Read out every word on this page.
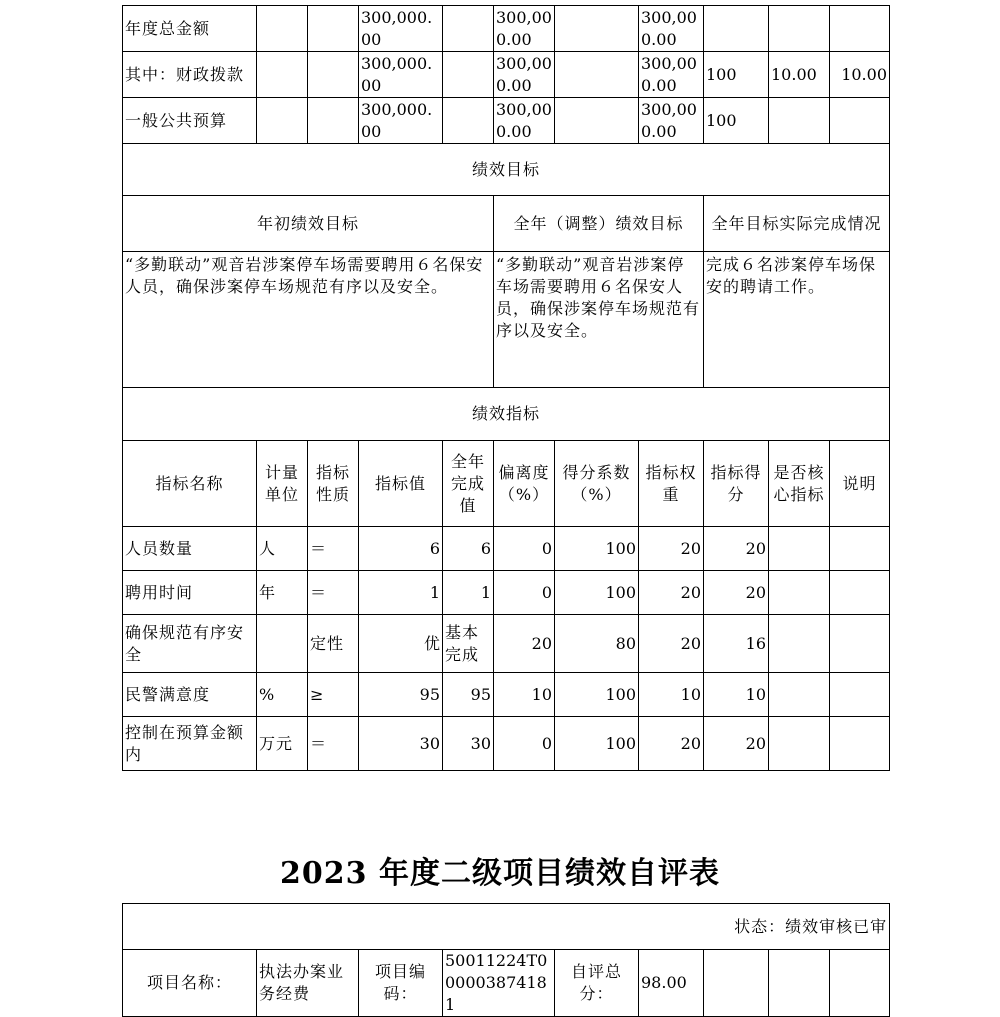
年度总金额			300,000.00		300,000.00		300,000.00			
其中：财政拨款			300,000.00		300,000.00		300,000.00	100	10.00	10.00
一般公共预算			300,000.00		300,000.00		300,000.00	100		
绩效目标										
年初绩效目标					全年（调整）绩效目标			全年目标实际完成情况		
“多勤联动”观音岩涉案停车场需要聘用６名保安人员，确保涉案停车场规范有序以及安全。					“多勤联动”观音岩涉案停车场需要聘用６名保安人员，确保涉案停车场规范有序以及安全。			完成６名涉案停车场保安的聘请工作。		
绩效指标										
指标名称	计量单位	指标性质	指标值	全年完成值	偏离度（%）	得分系数（%）	指标权重	指标得分	是否核心指标	说明
人员数量	人	＝	6	6	0	100	20	20		
聘用时间	年	＝	1	1	0	100	20	20		
确保规范有序安全		定性	优	基本完成	20	80	20	16		
民警满意度	%	≥	95	95	10	100	10	10		
控制在预算金额内	万元	＝	30	30	0	100	20	20		
2023 年度二级项目绩效自评表
状态：绩效审核已审
项目名称：	执法办案业务经费	项目编码：	50011224T000003874181	自评总分：	98.00			
